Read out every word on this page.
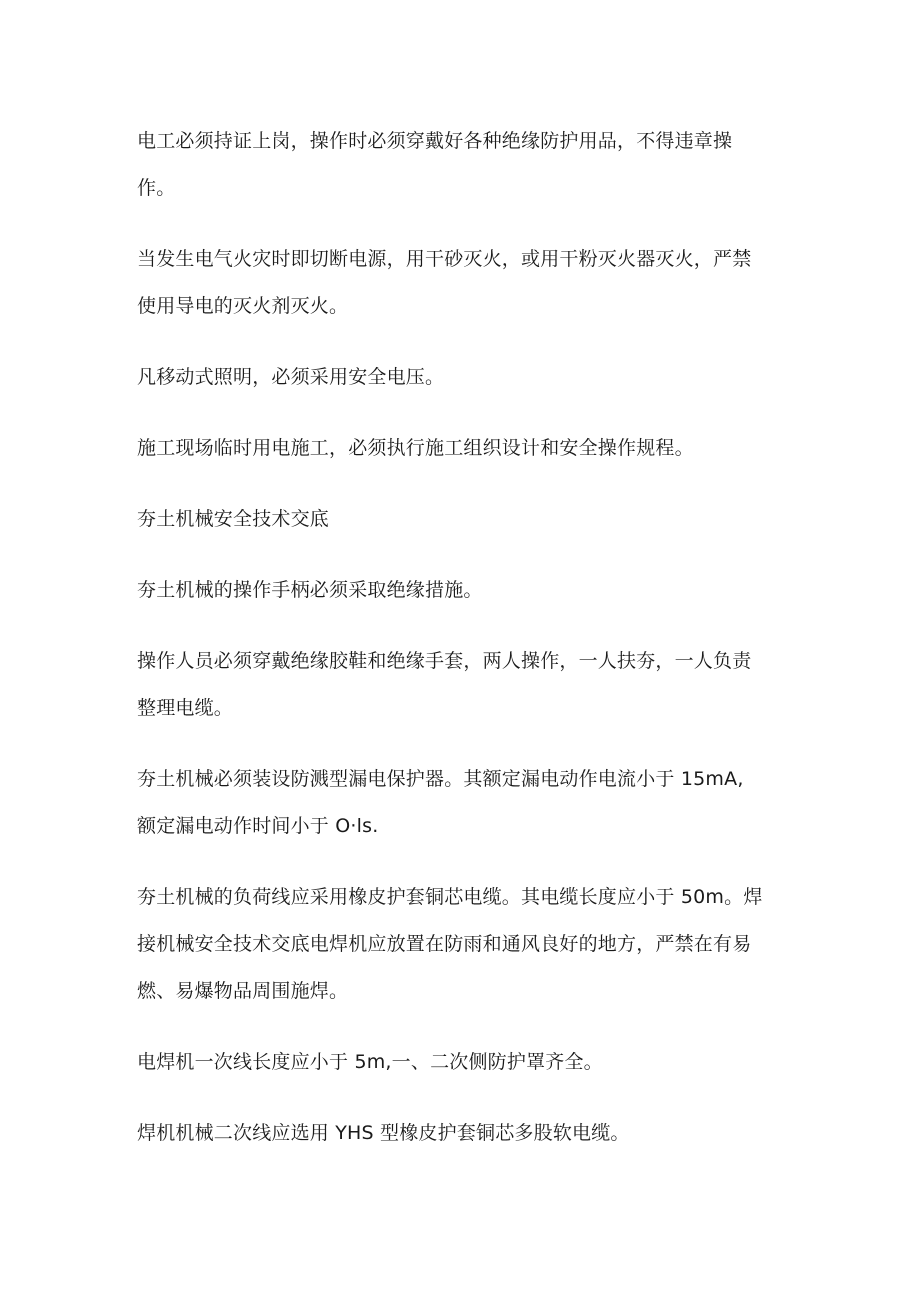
电工必须持证上岗，操作时必须穿戴好各种绝缘防护用品，不得违章操
作。

当发生电气火灾时即切断电源，用干砂灭火，或用干粉灭火器灭火，严禁
使用导电的灭火剂灭火。

凡移动式照明，必须采用安全电压。

施工现场临时用电施工，必须执行施工组织设计和安全操作规程。

夯土机械安全技术交底

夯土机械的操作手柄必须采取绝缘措施。

操作人员必须穿戴绝缘胶鞋和绝缘手套，两人操作，一人扶夯，一人负责
整理电缆。

夯土机械必须装设防溅型漏电保护器。其额定漏电动作电流小于 15mA,
额定漏电动作时间小于 O·ls.

夯土机械的负荷线应采用橡皮护套铜芯电缆。其电缆长度应小于 50m。焊
接机械安全技术交底电焊机应放置在防雨和通风良好的地方，严禁在有易
燃、易爆物品周围施焊。

电焊机一次线长度应小于 5m,一、二次侧防护罩齐全。

焊机机械二次线应选用 YHS 型橡皮护套铜芯多股软电缆。
